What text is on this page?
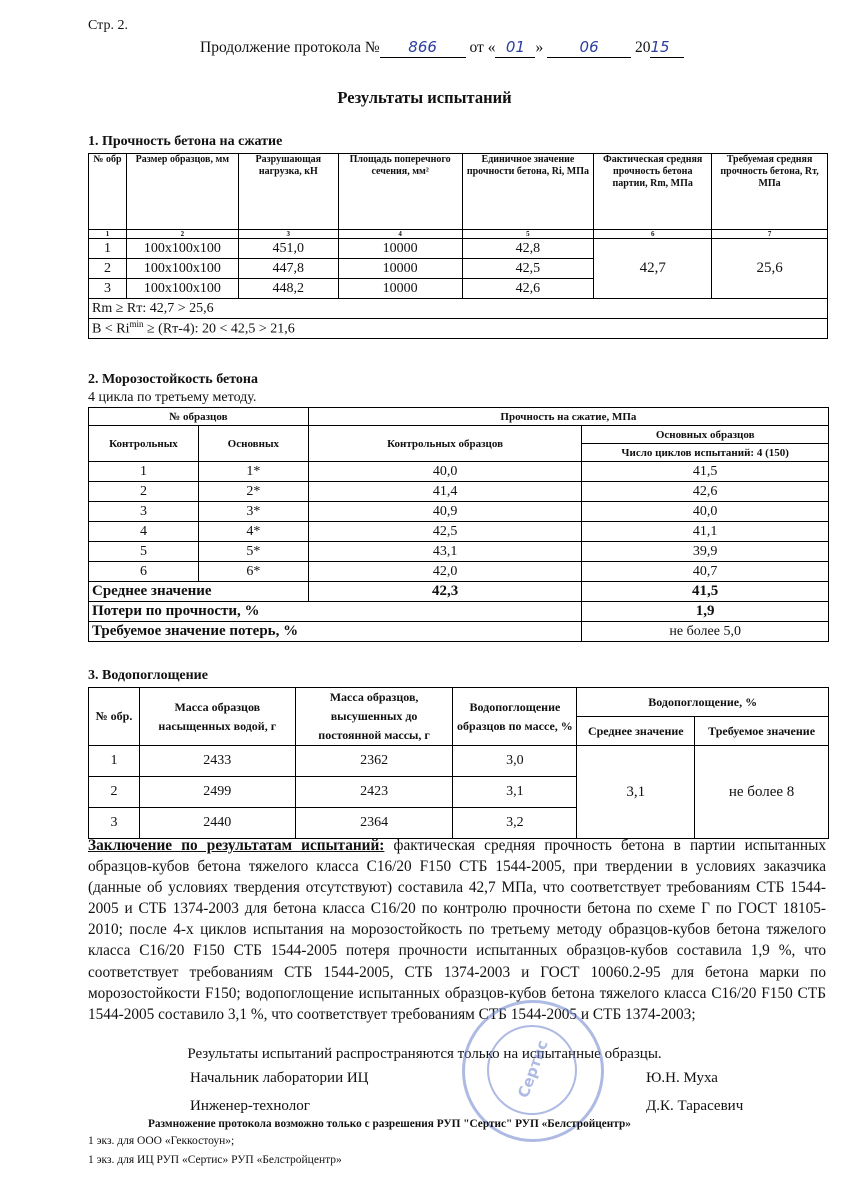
Стр. 2.
Продолжение протокола № 866 от « 01 » 06 2015
Результаты испытаний
1. Прочность бетона на сжатие
№ обр	Размер образцов, мм	Разрушающая нагрузка, кН	Площадь поперечного сечения, мм²	Единичное значение прочности бетона, Ri, МПа	Фактическая средняя прочность бетона партии, Rm, МПа	Требуемая средняя прочность бетона, Rт, МПа
1	2	3	4	5	6	7
1	100x100x100	451,0	10000	42,8	42,7	25,6
2	100x100x100	447,8	10000	42,5		
3	100x100x100	448,2	10000	42,6		
Rm ≥ Rт: 42,7 > 25,6						
$B < Ri^{min} \ge (Rт-4)$: 20 < 42,5 > 21,6						
2. Морозостойкость бетона
4 цикла по третьему методу.
№ образцов		Прочность на сжатие, МПа	
Контрольных	Основных	Контрольных образцов	Основных образцов
			Число циклов испытаний: 4 (150)
1	1*	40,0	41,5
2	2*	41,4	42,6
3	3*	40,9	40,0
4	4*	42,5	41,1
5	5*	43,1	39,9
6	6*	42,0	40,7
Среднее значение		42,3	41,5
Потери по прочности, %			1,9
Требуемое значение потерь, %			не более 5,0
3. Водопоглощение
№ обр.	Масса образцов насыщенных водой, г	Масса образцов, высушенных до постоянной массы, г	Водопоглощение образцов по массе, %	Водопоглощение, %	
				Среднее значение	Требуемое значение
1	2433	2362	3,0	3,1	не более 8
2	2499	2423	3,1		
3	2440	2364	3,2		
Заключение по результатам испытаний: фактическая средняя прочность бетона в партии испытанных образцов-кубов бетона тяжелого класса С16/20 F150 СТБ 1544-2005, при твердении в условиях заказчика (данные об условиях твердения отсутствуют) составила 42,7 МПа, что соответствует требованиям СТБ 1544-2005 и СТБ 1374-2003 для бетона класса С16/20 по контролю прочности бетона по схеме Г по ГОСТ 18105-2010; после 4-х циклов испытания на морозостойкость по третьему методу образцов-кубов бетона тяжелого класса С16/20 F150 СТБ 1544-2005 потеря прочности испытанных образцов-кубов составила 1,9 %, что соответствует требованиям СТБ 1544-2005, СТБ 1374-2003 и ГОСТ 10060.2-95 для бетона марки по морозостойкости F150; водопоглощение испытанных образцов-кубов бетона тяжелого класса С16/20 F150 СТБ 1544-2005 составило 3,1 %, что соответствует требованиям СТБ 1544-2005 и СТБ 1374-2003;
Результаты испытаний распространяются только на испытанные образцы.
Сертис
Начальник лаборатории ИЦ	Ю.Н. Муха
Инженер-технолог	Д.К. Тарасевич
Размножение протокола возможно только с разрешения РУП "Сертис" РУП «Белстройцентр»
1 экз. для ООО «Геккостоун»;
1 экз. для ИЦ РУП «Сертис» РУП «Белстройцентр»
